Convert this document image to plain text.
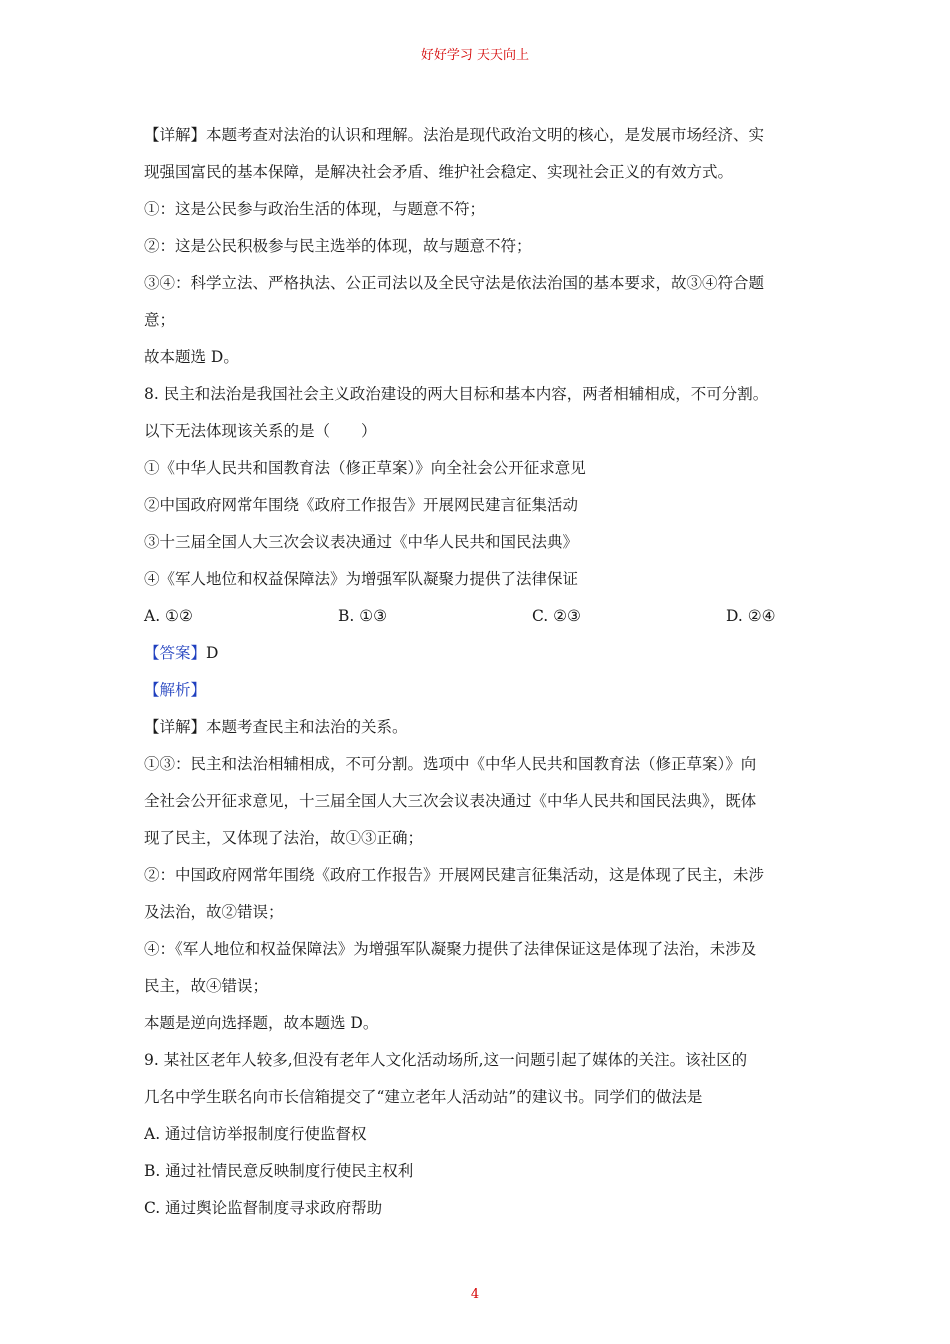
好好学习 天天向上
【详解】本题考查对法治的认识和理解。法治是现代政治文明的核心，是发展市场经济、实
现强国富民的基本保障，是解决社会矛盾、维护社会稳定、实现社会正义的有效方式。
①：这是公民参与政治生活的体现，与题意不符；
②：这是公民积极参与民主选举的体现，故与题意不符；
③④：科学立法、严格执法、公正司法以及全民守法是依法治国的基本要求，故③④符合题
意；
故本题选 D。
8. 民主和法治是我国社会主义政治建设的两大目标和基本内容，两者相辅相成，不可分割。
以下无法体现该关系的是（　　）
①《中华人民共和国教育法（修正草案）》向全社会公开征求意见
②中国政府网常年围绕《政府工作报告》开展网民建言征集活动
③十三届全国人大三次会议表决通过《中华人民共和国民法典》
④《军人地位和权益保障法》为增强军队凝聚力提供了法律保证
A. ①②	B. ①③	C. ②③	D. ②④
【答案】D
【解析】
【详解】本题考查民主和法治的关系。
①③：民主和法治相辅相成，不可分割。选项中《中华人民共和国教育法（修正草案）》向
全社会公开征求意见，十三届全国人大三次会议表决通过《中华人民共和国民法典》，既体
现了民主，又体现了法治，故①③正确；
②：中国政府网常年围绕《政府工作报告》开展网民建言征集活动，这是体现了民主，未涉
及法治，故②错误；
④：《军人地位和权益保障法》为增强军队凝聚力提供了法律保证这是体现了法治，未涉及
民主，故④错误；
本题是逆向选择题，故本题选 D。
9. 某社区老年人较多,但没有老年人文化活动场所,这一问题引起了媒体的关注。该社区的
几名中学生联名向市长信箱提交了“建立老年人活动站”的建议书。同学们的做法是
A. 通过信访举报制度行使监督权
B. 通过社情民意反映制度行使民主权利
C. 通过舆论监督制度寻求政府帮助
4
